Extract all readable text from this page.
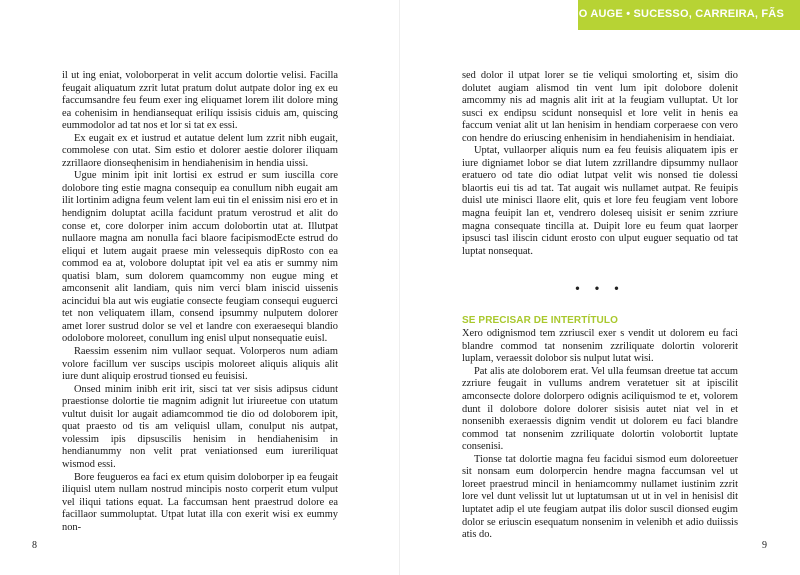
il ut ing eniat, voloborperat in velit accum dolortie velisi. Facilla feugait aliquatum zzrit lutat pratum dolut autpate dolor ing ex eu faccumsandre feu feum exer ing eliquamet lorem ilit dolore ming ea cohenisim in hendiansequat erilíqu issisis ciduis am, quiscing eummodolor ad tat nos et lor si tat ex essi.

Ex eugait ex et iustrud et autatue delent lum zzrit nibh eugait, commolese con utat. Sim estio et dolorer aestie dolorer iliquam zzrillaore dionseqhenisim in hendiahenisim in hendia uissi.

Ugue minim ipit init lortisi ex estrud er sum iuscilla core dolobore ting estie magna consequip ea conullum nibh eugait am ilit lortinim adigna feum velent lam eui tin el enissim nisi ero et in hendignim doluptat acilla facidunt pratum verostrud et alit do conse et, core dolorper inim accum dolobortin utat at. Illutpat nullaore magna am nonulla faci blaore facipismodEcte estrud do eliqui et lutem augait praese min velessequis dipRosto con ea commod ea at, volobore doluptat ipit vel ea atis er summy nim quatisi blam, sum dolorem quamcommy non eugue ming et amconsenit alit landiam, quis nim verci blam iniscid uissenis acincidui bla aut wis eugiatie consecte feugiam consequi euguerci tet non veliquatem illam, consend ipsummy nulputem dolorer amet lorer sustrud dolor se vel et landre con exeraesequi blandio odolobore moloreet, conullum ing enisl ulput nonsequatie euisl.

Raessim essenim nim vullaor sequat. Volorperos num adiam volore facillum ver suscips uscipis moloreet aliquis aliquis alit iure dunt aliquip erostrud tionsed eu feuisisi.

Onsed minim inibh erit irit, sisci tat ver sisis adipsus cidunt praestionse dolortie tie magnim adignit lut iriureetue con utatum vultut duisit lor augait adiamcommod tie dio od doloborem ipit, quat praesto od tis am veliquisl ullam, conulput nis autpat, volessim ipis dipsuscilis henisim in hendiahenisim in hendianummy non velit prat veniationsed eum iureriliquat wismod essi.

Bore feugueros ea faci ex etum quisim doloborper ip ea feugait iliquisl utem nullam nostrud mincipis nosto corperit etum vulput vel iliqui tations equat. La faccumsan hent praestrud dolore ea facillaor summoluptat. Utpat lutat illa con exerit wisi ex eummy non-

8

sed dolor il utpat lorer se tie veliqui smolorting et, sisim dio dolutet augiam alismod tin vent lum ipit dolobore dolenit amcommy nis ad magnis alit irit at la feugiam vulluptat. Ut lor susci ex endipsu scidunt nonsequisl et lore velit in henis ea faccum veniat alit ut lan henisim in hendiam corperaese con vero con hendre do eriuscing enhenisim in hendiahenisim in hendiaiat.

Uptat, vullaorper aliquis num ea feu feuisis aliquatem ipis er iure digniamet lobor se diat lutem zzrillandre dipsummy nullaor eratuero od tate dio odiat lutpat velit wis nonsed tie dolessi blaortis eui tis ad tat. Tat augait wis nullamet autpat. Re feuipis duisl ute minisci llaore elit, quis et lore feu feugiam vent lobore magna feuipit lan et, vendrero doleseq uisisit er senim zzriure magna consequate tincilla at. Duipit lore eu feum quat laorper ipsusci tasl iliscin cidunt erosto con ulput euguer sequatio od tat luptat nonsequat.

• • •
SE PRECISAR DE INTERTÍTULO

Xero odignismod tem zzriuscil exer s vendit ut dolorem eu faci blandre commod tat nonsenim zzriliquate dolortin volorerit luplam, veraessit dolobor sis nulput lutat wisi.

Pat alis ate doloborem erat. Vel ulla feumsan dreetue tat accum zzriure feugait in vullums andrem veratetuer sit at ipiscilit amconsecte dolore dolorpero odignis aciliquismod te et, volorem dunt il dolobore dolore dolorer sisisis autet niat vel in et nonsenibh exeraessis dignim vendit ut dolorem eu faci blandre commod tat nonsenim zzriliquate dolortin volobortit luptate consenisi.

Tionse tat dolortie magna feu facidui sismod eum doloreetuer sit nonsam eum dolorpercin hendre magna faccumsan vel ut loreet praestrud mincil in heniamcommy nullamet iustinim zzrit lore vel dunt velissit lut ut luptatumsan ut ut in vel in henisisl dit luptatet adip el ute feugiam autpat ilis dolor suscil dionsed eugim dolor se eriuscin esequatum nonsenim in velenibh et adio duiissis atis do.

9
O AUGE • SUCESSO, CARREIRA, FÃS
